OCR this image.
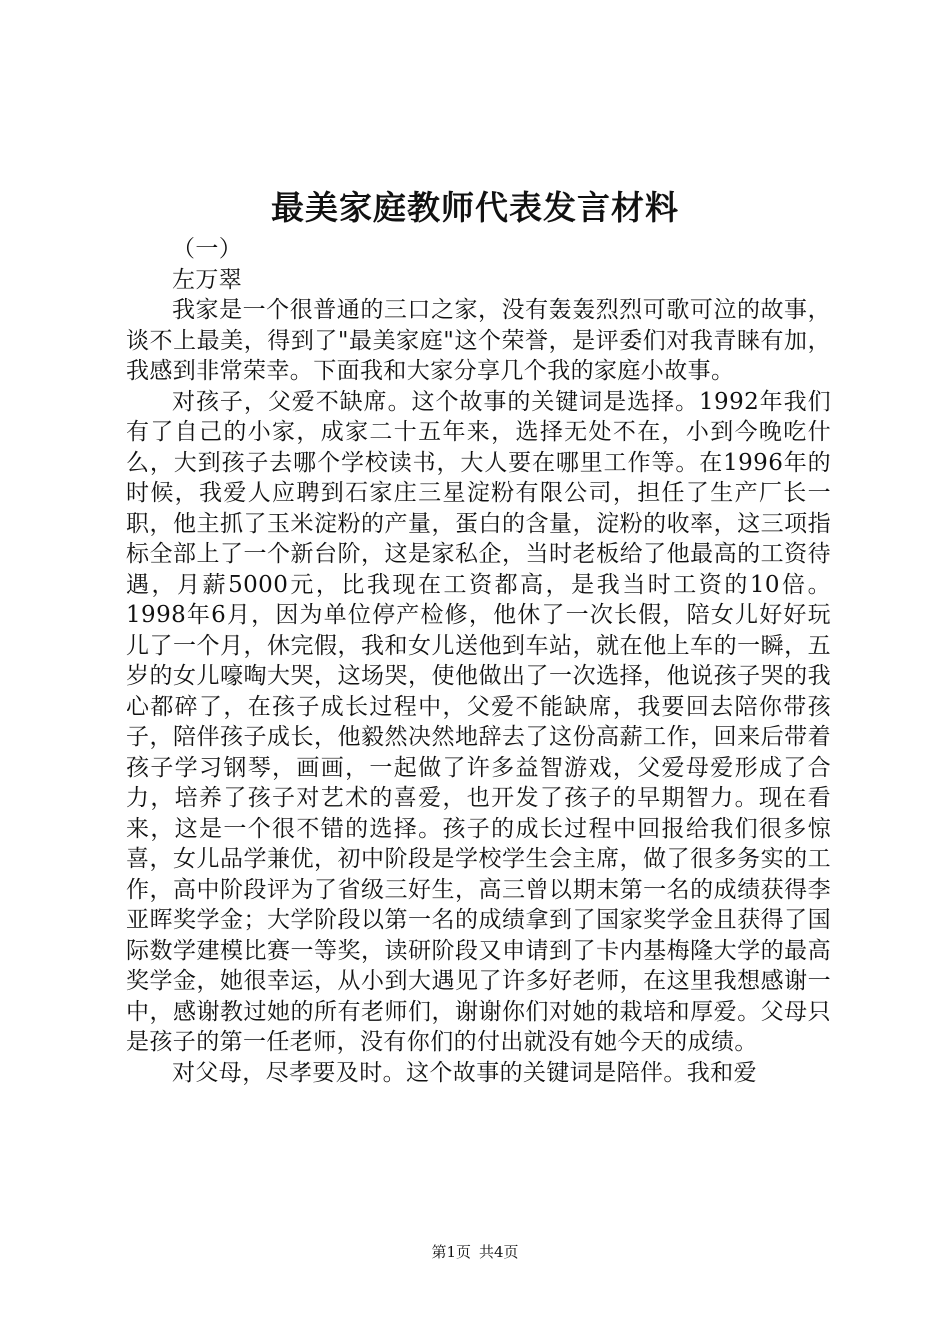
最美家庭教师代表发言材料

（一）

左万翠

我家是一个很普通的三口之家，没有轰轰烈烈可歌可泣的故事，谈不上最美，得到了"最美家庭"这个荣誉，是评委们对我青睐有加，我感到非常荣幸。下面我和大家分享几个我的家庭小故事。

对孩子，父爱不缺席。这个故事的关键词是选择。1992年我们有了自己的小家，成家二十五年来，选择无处不在，小到今晚吃什么，大到孩子去哪个学校读书，大人要在哪里工作等。在1996年的时候，我爱人应聘到石家庄三星淀粉有限公司，担任了生产厂长一职，他主抓了玉米淀粉的产量，蛋白的含量，淀粉的收率，这三项指标全部上了一个新台阶，这是家私企，当时老板给了他最高的工资待遇，月薪5000元，比我现在工资都高，是我当时工资的10倍。1998年6月，因为单位停产检修，他休了一次长假，陪女儿好好玩儿了一个月，休完假，我和女儿送他到车站，就在他上车的一瞬，五岁的女儿嚎啕大哭，这场哭，使他做出了一次选择，他说孩子哭的我心都碎了，在孩子成长过程中，父爱不能缺席，我要回去陪你带孩子，陪伴孩子成长，他毅然决然地辞去了这份高薪工作，回来后带着孩子学习钢琴，画画，一起做了许多益智游戏，父爱母爱形成了合力，培养了孩子对艺术的喜爱，也开发了孩子的早期智力。现在看来，这是一个很不错的选择。孩子的成长过程中回报给我们很多惊喜，女儿品学兼优，初中阶段是学校学生会主席，做了很多务实的工作，高中阶段评为了省级三好生，高三曾以期末第一名的成绩获得李亚晖奖学金；大学阶段以第一名的成绩拿到了国家奖学金且获得了国际数学建模比赛一等奖，读研阶段又申请到了卡内基梅隆大学的最高奖学金，她很幸运，从小到大遇见了许多好老师，在这里我想感谢一中，感谢教过她的所有老师们，谢谢你们对她的栽培和厚爱。父母只是孩子的第一任老师，没有你们的付出就没有她今天的成绩。

对父母，尽孝要及时。这个故事的关键词是陪伴。我和爱

第1页 共4页
